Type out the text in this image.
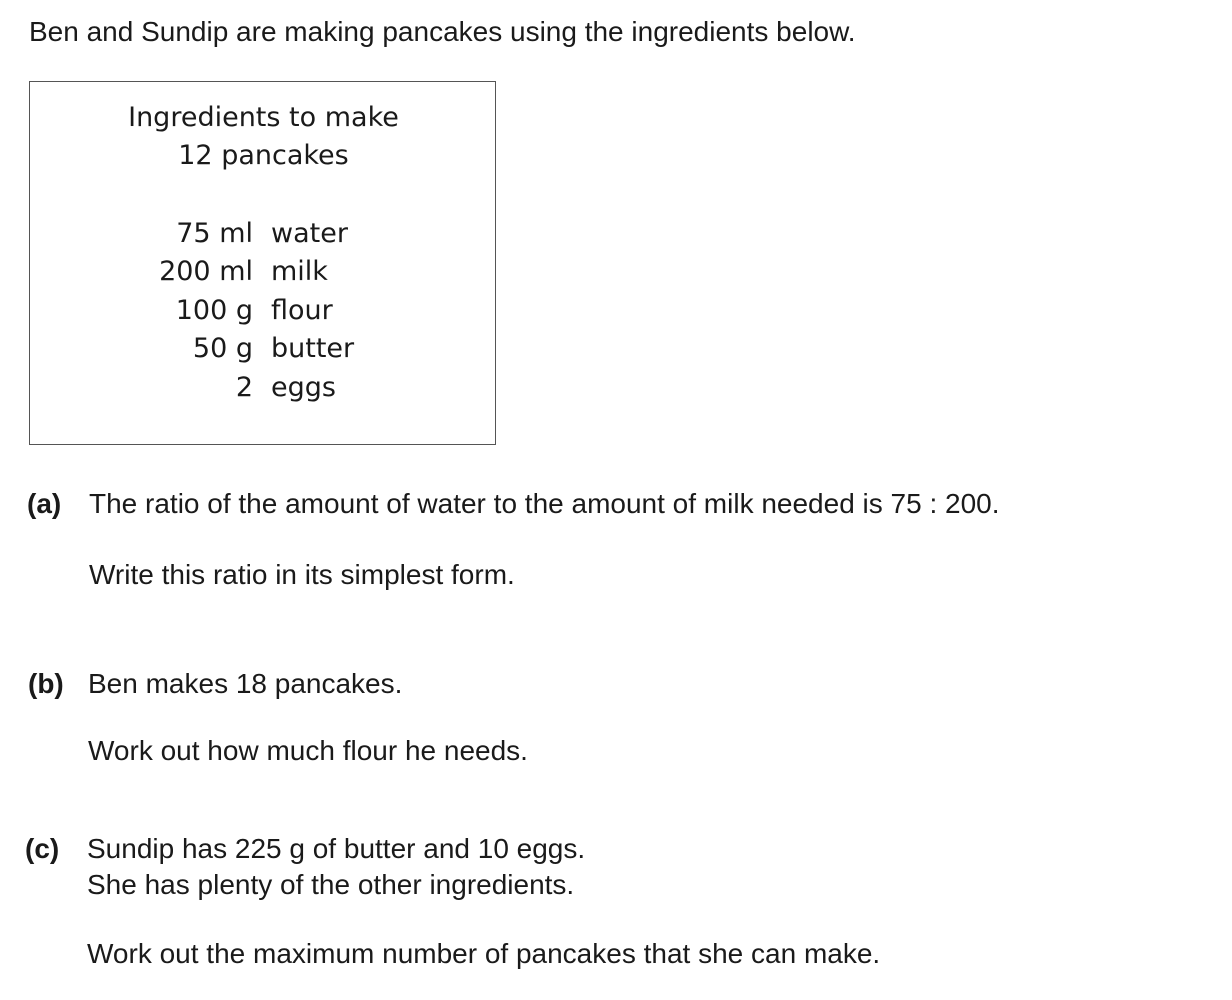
Ben and Sundip are making pancakes using the ingredients below.
Ingredients to make
12 pancakes
75 ml water
200 ml milk
100 g flour
50 g butter
2 eggs
(a) The ratio of the amount of water to the amount of milk needed is 75 : 200.
Write this ratio in its simplest form.
(b) Ben makes 18 pancakes.
Work out how much flour he needs.
(c) Sundip has 225 g of butter and 10 eggs.
She has plenty of the other ingredients.
Work out the maximum number of pancakes that she can make.
